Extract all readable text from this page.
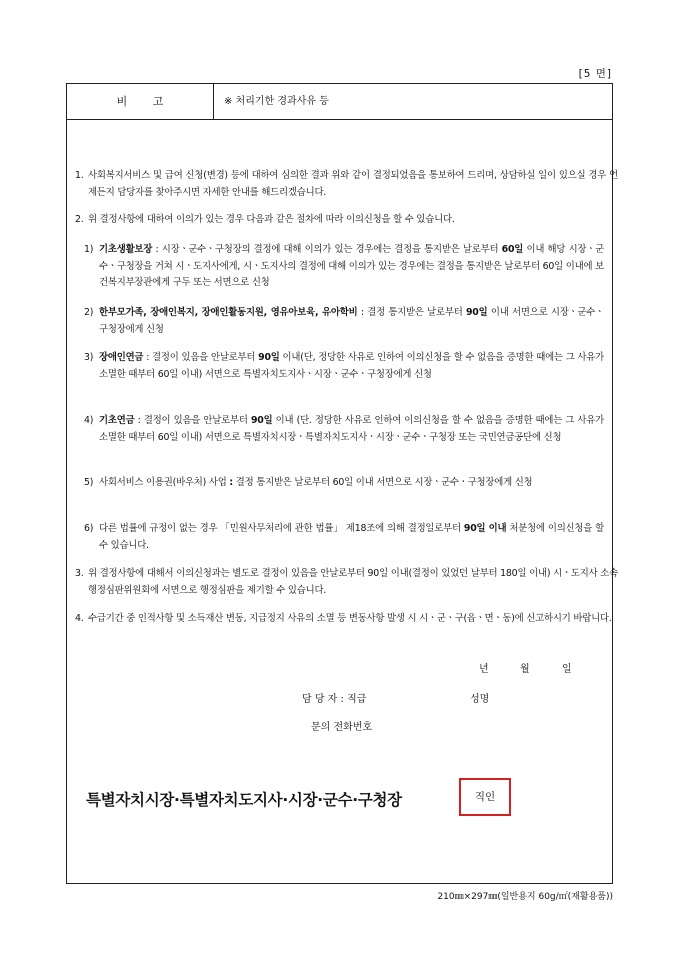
[5 면]
비 고	※ 처리기한 경과사유 등

1. 사회복지서비스 및 급여 신청(변경) 등에 대하여 심의한 결과 위와 같이 결정되었음을 통보하여 드리며, 상담하실 일이 있으실 경우 언제든지 담당자를 찾아주시면 자세한 안내를 해드리겠습니다.

2. 위 결정사항에 대하여 이의가 있는 경우 다음과 같은 절차에 따라 이의신청을 할 수 있습니다.

1) 기초생활보장 : 시장ㆍ군수ㆍ구청장의 결정에 대해 이의가 있는 경우에는 결정을 통지받은 날로부터 60일 이내 해당 시장ㆍ군수ㆍ구청장을 거쳐 시ㆍ도지사에게, 시ㆍ도지사의 결정에 대해 이의가 있는 경우에는 결정을 통지받은 날로부터 60일 이내에 보건복지부장관에게 구두 또는 서면으로 신청

2) 한부모가족, 장애인복지, 장애인활동지원, 영유아보육, 유아학비 : 결정 통지받은 날로부터 90일 이내 서면으로 시장ㆍ군수ㆍ구청장에게 신청

3) 장애인연금 : 결정이 있음을 안날로부터 90일 이내(단, 정당한 사유로 인하여 이의신청을 할 수 없음을 증명한 때에는 그 사유가 소멸한 때부터 60일 이내) 서면으로 특별자치도지사ㆍ시장ㆍ군수ㆍ구청장에게 신청

4) 기초연금 : 결정이 있음을 안날로부터 90일 이내 (단. 정당한 사유로 인하여 이의신청을 할 수 없음을 증명한 때에는 그 사유가 소멸한 때부터 60일 이내) 서면으로 특별자치시장ㆍ특별자치도지사ㆍ시장ㆍ군수ㆍ구청장 또는 국민연금공단에 신청

5) 사회서비스 이용권(바우처) 사업 : 결정 통지받은 날로부터 60일 이내 서면으로 시장ㆍ군수ㆍ구청장에게 신청

6) 다른 법률에 규정이 없는 경우 「민원사무처리에 관한 법률」 제18조에 의해 결정일로부터 90일 이내 처분청에 이의신청을 할 수 있습니다.

3. 위 결정사항에 대해서 이의신청과는 별도로 결정이 있음을 안날로부터 90일 이내(결정이 있었던 날부터 180일 이내) 시ㆍ도지사 소속 행정심판위원회에 서면으로 행정심판을 제기할 수 있습니다.

4. 수급기간 중 인적사항 및 소득재산 변동, 지급정지 사유의 소멸 등 변동사항 발생 시 시ㆍ군ㆍ구(읍ㆍ면ㆍ동)에 신고하시기 바랍니다.

년	월	일
담 당 자 : 직급	성명
문의 전화번호
특별자치시장·특별자치도지사·시장·군수·구청장	직인
210㎜×297㎜(일반용지 60g/㎡(재활용품))
